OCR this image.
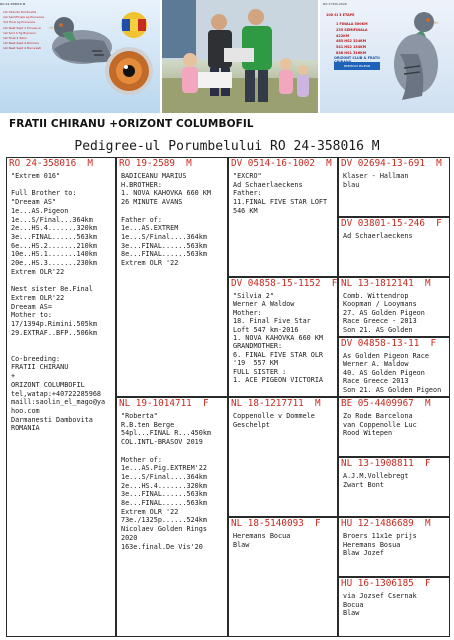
RO 24-358016 M
1st Vilanita Dimbovita
1st SemiFinala Lg Provence
3rd Final Lg Provence
1st Nest Sept 1 Provence
1st Sort 4 Tg Bujoreni
1st Final 4 Sibiu
1st Nest Sept 4 Rimnicu
1st Nest Sept 4 Bucuresti
RO 17320-2020
100 SI 3 ETAPE
1 FINALA 500KM
235 SEMIFINALA 422KM
485 HS2 324KM
541 HS2 134KM
838 HS1 316KM
ORIZONT CLUB & FRATII
PREMIUM PIGEON
FRATII CHIRANU +ORIZONT COLUMBOFIL
Pedigree-ul Porumbelului RO 24-358016 M
RO 24-358016  M
"Extrem 016"

Full Brother to:
"Dreeam AS"
1e...AS.Pigeon
1e...S/Final...364km
2e...HS.4.......320km
3e...FINAL......563km
6e...HS.2.......210km
10e..HS.1.......140km
20e..HS.3.......230km
Extrem OLR'22

Nest sister 8e.Final
Extrem OLR'22
Dreeam AS=
Mother to:
17/1394p.Rimini.505km
29.EXTRAF..BFP..506km

Co-breeding:
FRATII CHIRANU
+
ORIZONT COLUMBOFIL
tel,watap:+40722285968
maill:saolin_el_mago@ya
hoo.com
Darmanesti Dambovita
ROMANIA
RO 19-2589  M
BADICEANU MARIUS
H.BROTHER:
1. NOVA KAHOVKA 660 KM
26 MINUTE AVANS

Father of:
1e...AS.EXTREM
1e...S/Final....364km
3e...FINAL......563km
8e...FINAL......563km
Extrem OLR '22
NL 19-1014711  F
"Roberta"
R.B.ten Berge
54pl...FINAL R...450km
COL.INTL-BRASOV 2019

Mother of:
1e...AS.Pig.EXTREM'22
1e...S/Final....364km
2e...HS.4.......320km
3e...FINAL......563km
8e...FINAL......563km
Extrem OLR '22
73e./1325p......524km
Nicolaev Golden Rings
2020
163e.final.De Vis'20
DV 0514-16-1002  M
"EXCRO"
Ad Schaerlaeckens
Father:
11.FINAL FIVE STAR LOFT
546 KM
DV 04858-15-1152  F
"Silvia 2"
Werner A Waldow
Mother:
18. Final Five Star
Loft 547 km-2016
1. NOVA KAHOVKA 660 KM
GRANDMOTHER:
6. FINAL FIVE STAR OLR
'19  557 KM
FULL SISTER :
1. ACE PIGEON VICTORIA
NL 18-1217711  M
Coppenolle v Dommele
Geschelpt
NL 18-5140093  F
Heremans Bocua
Blaw
DV 02694-13-691  M
Klaser - Hallman
blau
DV 03801-15-246  F
Ad Schaerlaeckens
NL 13-1812141  M
Comb. Wittendrop
Koopman / Looymans
27. AS Golden Pigeon
Race Greece - 2013
Son 21. AS Golden
DV 04858-13-11  F
As Golden Pigeon Race
Werner A. Waldow
40. AS Golden Pigeon
Race Greece 2013
Son 21. AS Golden Pigeon
BE 05-4409967  M
Zo Rode Barcelona
van Coppenolle Luc
Rood Witepen
NL 13-1908811  F
A.J.M.Vollebregt
Zwart Bont
HU 12-1486689  M
Broers 11x1e prijs
Heremans Bosua
Blaw Jozef
HU 16-1306185  F
via Jozsef Csernak
Bocua
Blaw
